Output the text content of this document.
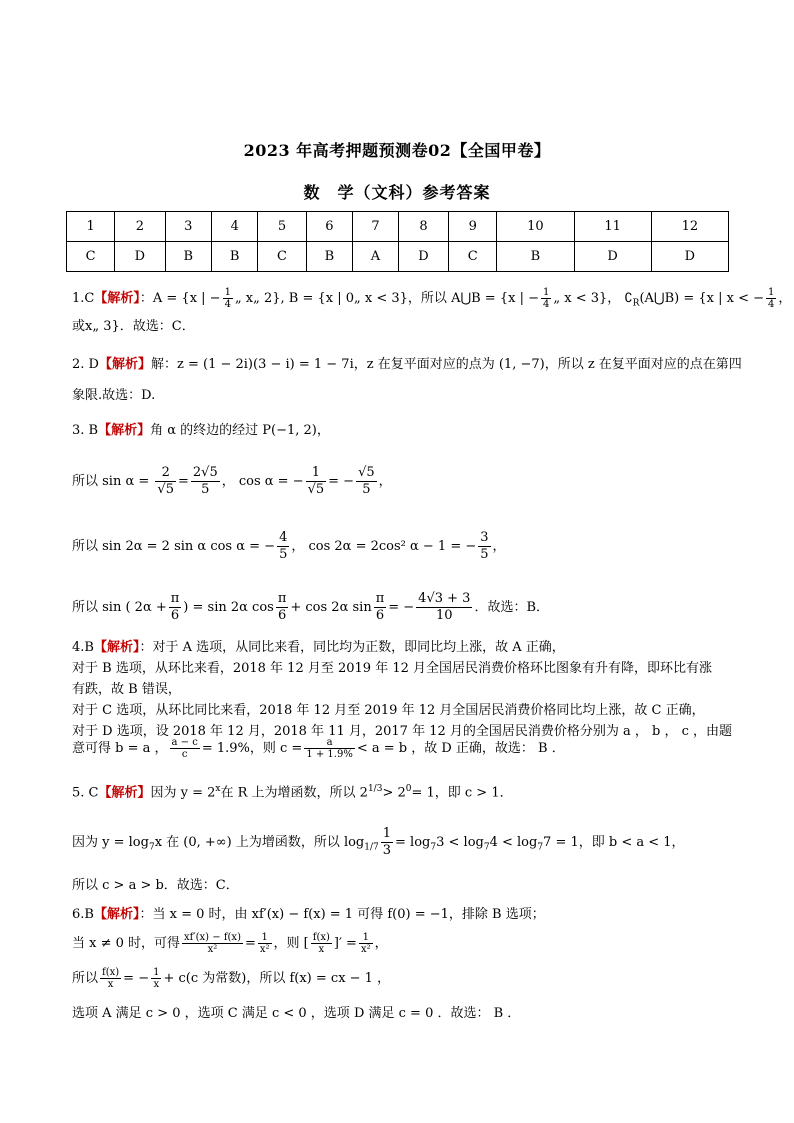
2023 年高考押题预测卷02【全国甲卷】
数　学（文科）参考答案
1	2	3	4	5	6	7	8	9	10	11	12
C	D	B	B	C	B	A	D	C	B	D	D
1.C【解析】：A = {x | − $\frac{1}{4}$ „ x„ 2}, B = {x | 0„ x < 3}，所以 A⋃B = {x | − $\frac{1}{4}$ „ x < 3}， $∁_R(A⋃B) = \{x$ | x < − $\frac{1}{4}$ ，
或x„ 3}．故选：C．
2. D【解析】解：z = (1 − 2i)(3 − i) = 1 − 7i，z 在复平面对应的点为 (1, −7)，所以 z 在复平面对应的点在第四
象限.故选：D.
3. B【解析】角 α 的终边的经过 P(−1, 2)，
所以 $\sin \alpha = \frac{2}{√5} = \frac{2√5}{5}$ ， cos α = − $\frac{1}{√5}$ = − $\frac{√5}{5}$ ，
所以 sin 2α = 2 sin α cos α = − $\frac{4}{5}$ ， cos 2α = 2cos² α − 1 = − $\frac{3}{5}$ ，
所以 sin ( $2\alpha + \frac{\pi}{6}$ ) = sin 2α $\cos \frac{\pi}{6} + \cos 2\alpha$ $\sin \frac{\pi}{6}$ = − $\frac{4√3 + 3}{10}$ ．故选：B．
4.B【解析】：对于 A 选项，从同比来看，同比均为正数，即同比均上涨，故 A 正确，
对于 B 选项，从环比来看，2018 年 12 月至 2019 年 12 月全国居民消费价格环比图象有升有降，即环比有涨
有跌，故 B 错误，
对于 C 选项，从环比同比来看，2018 年 12 月至 2019 年 12 月全国居民消费价格同比均上涨，故 C 正确，
对于 D 选项，设 2018 年 12 月，2018 年 11 月，2017 年 12 月的全国居民消费价格分别为 a ， b ， c ，由题
意可得 b = a ， $\frac{a - c}{c} = 1.9\%$，则 $c = \frac{a}{1 + 1.9\%} < a = b$ ，故 D 正确，故选： B ．
5. C【解析】因为 $y = 2^x$在 R 上为增函数，所以 $2^{1/3}> 2^0= 1$，即 c > 1．
因为 $y = \log_7x$ 在 (0, +∞) 上为增函数，所以 $\log_{1/7} \frac{1}{3} = \log_73 < \log_74 < \log_77 = 1$，即 b < a < 1，
所以 c > a > b．故选：C．
6.B【解析】：当 x = 0 时，由 xf′(x) − f(x) = 1 可得 f(0) = −1，排除 B 选项；
当 x ≠ 0 时，可得 $\frac{xf'(x) - f(x)}{\text{x²}} = \frac{1}{\text{x²}}$ ，则 [ $\frac{f(x)}{x}$ ]′ = $\frac{1}{\text{x²}}$ ，
所以 $\frac{f(x)}{x}$ = − $\frac{1}{x} + c(c$ 为常数)，所以 f(x) = cx − 1 ，
选项 A 满足 c > 0 ，选项 C 满足 c < 0 ，选项 D 满足 c = 0 ．故选： B ．
